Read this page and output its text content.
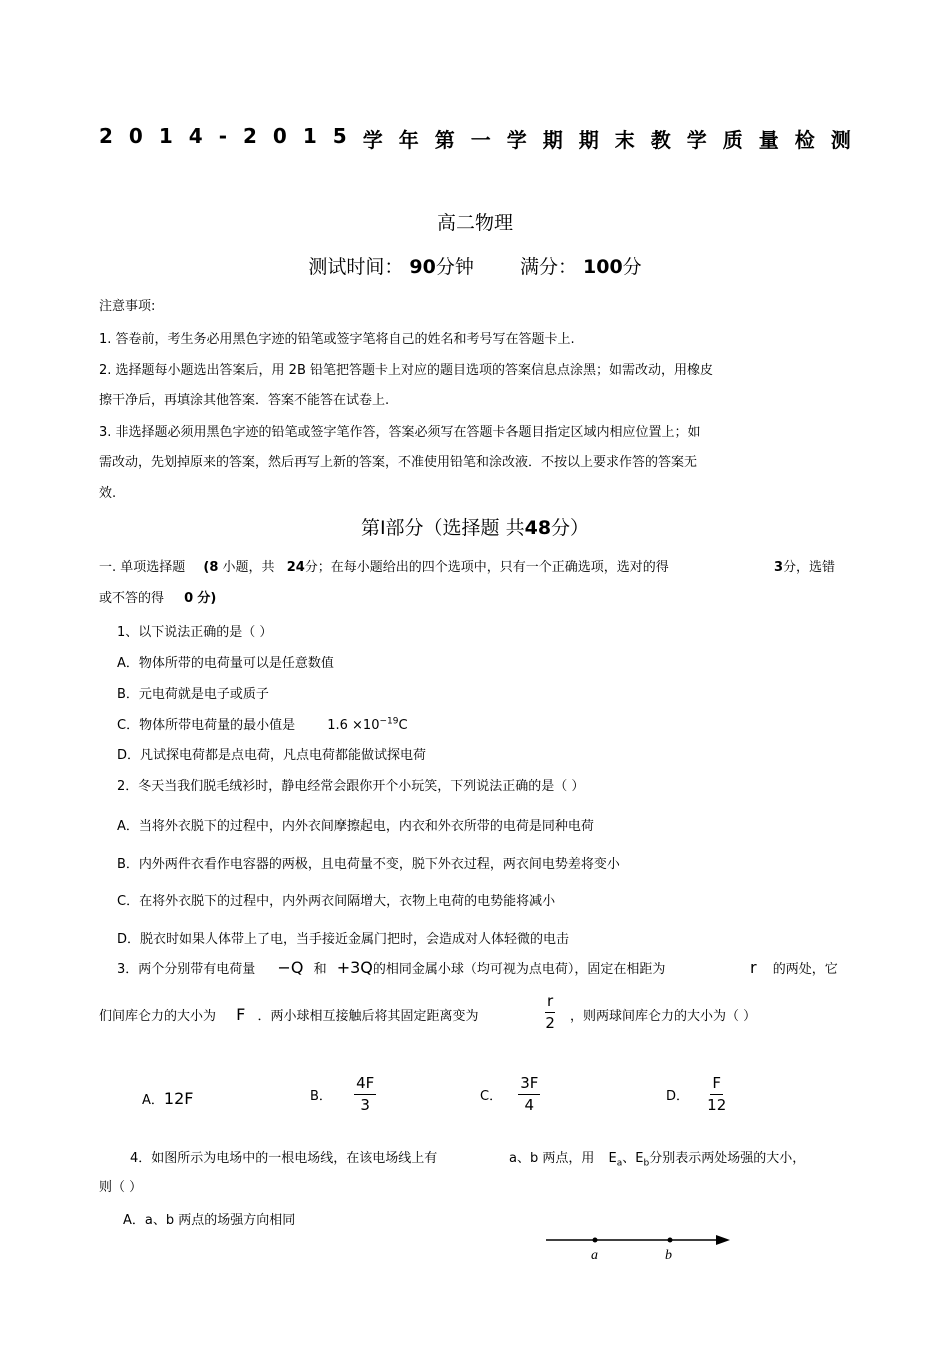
2 0 1 4 - 2 0 1 5 学 年 第 一 学 期 期 末 教 学 质 量 检 测
高二物理
测试时间： 90分钟 满分： 100分
注意事项:
1. 答卷前，考生务必用黑色字迹的铅笔或签字笔将自己的姓名和考号写在答题卡上.
2. 选择题每小题选出答案后，用 2B 铅笔把答题卡上对应的题目选项的答案信息点涂黑；如需改动，用橡皮
擦干净后，再填涂其他答案．答案不能答在试卷上.
3. 非选择题必须用黑色字迹的铅笔或签字笔作答，答案必须写在答题卡各题目指定区域内相应位置上；如
需改动，先划掉原来的答案，然后再写上新的答案，不准使用铅笔和涂改液．不按以上要求作答的答案无
效.
第Ⅰ部分（选择题 共48分）
一. 单项选择题 (8 小题，共 24分；在每小题给出的四个选项中，只有一个正确选项，选对的得	3分，选错
或不答的得 0 分)
1、以下说法正确的是（ ）
A．物体所带的电荷量可以是任意数值
B．元电荷就是电子或质子
C．物体所带电荷量的最小值是 $1.6 \times 10^{-19}C$
D．凡试探电荷都是点电荷，凡点电荷都能做试探电荷
2．冬天当我们脱毛绒衫时，静电经常会跟你开个小玩笑，下列说法正确的是（ ）
A．当将外衣脱下的过程中，内外衣间摩擦起电，内衣和外衣所带的电荷是同种电荷
B．内外两件衣看作电容器的两极，且电荷量不变，脱下外衣过程，两衣间电势差将变小
C．在将外衣脱下的过程中，内外两衣间隔增大，衣物上电荷的电势能将减小
D．脱衣时如果人体带上了电，当手接近金属门把时，会造成对人体轻微的电击
3．两个分别带有电荷量 −Q 和 +3Q的相同金属小球（均可视为点电荷），固定在相距为	r 的两处，它
们间库仑力的大小为 F ．两小球相互接触后将其固定距离变为	$\frac{r}{2}$ ，则两球间库仑力的大小为（ ）
A．12F	B． $\frac{4F}{3}$	C． $\frac{3F}{4}$	D． $\frac{F}{12}$
4．如图所示为电场中的一根电场线，在该电场线上有	a、b 两点，用 $E_a$、$E_b$分别表示两处场强的大小，
则（ ）
A．a、b 两点的场强方向相同
a	b
